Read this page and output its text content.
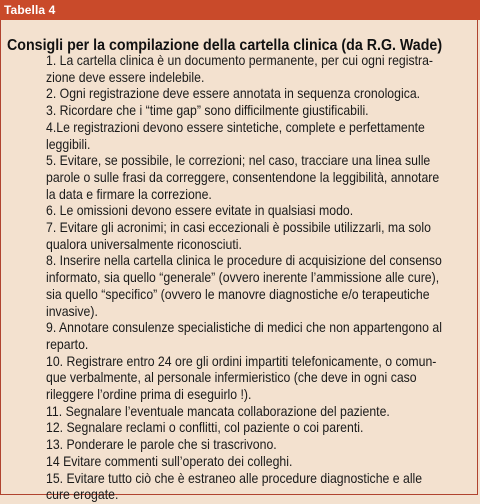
Tabella 4
Consigli per la compilazione della cartella clinica (da R.G. Wade)
1. La cartella clinica è un documento permanente, per cui ogni registra-
zione deve essere indelebile.
2. Ogni registrazione deve essere annotata in sequenza cronologica.
3. Ricordare che i “time gap” sono difficilmente giustificabili.
4.Le registrazioni devono essere sintetiche, complete e perfettamente
leggibili.
5. Evitare, se possibile, le correzioni; nel caso, tracciare una linea sulle
parole o sulle frasi da correggere, consentendone la leggibilità, annotare
la data e firmare la correzione.
6. Le omissioni devono essere evitate in qualsiasi modo.
7. Evitare gli acronimi; in casi eccezionali è possibile utilizzarli, ma solo
qualora universalmente riconosciuti.
8. Inserire nella cartella clinica le procedure di acquisizione del consenso
informato, sia quello “generale” (ovvero inerente l’ammissione alle cure),
sia quello “specifico” (ovvero le manovre diagnostiche e/o terapeutiche
invasive).
9. Annotare consulenze specialistiche di medici che non appartengono al
reparto.
10. Registrare entro 24 ore gli ordini impartiti telefonicamente, o comun-
que verbalmente, al personale infermieristico (che deve in ogni caso
rileggere l’ordine prima di eseguirlo !).
11. Segnalare l’eventuale mancata collaborazione del paziente.
12. Segnalare reclami o conflitti, col paziente o coi parenti.
13. Ponderare le parole che si trascrivono.
14 Evitare commenti sull’operato dei colleghi.
15. Evitare tutto ciò che è estraneo alle procedure diagnostiche e alle
cure erogate.
